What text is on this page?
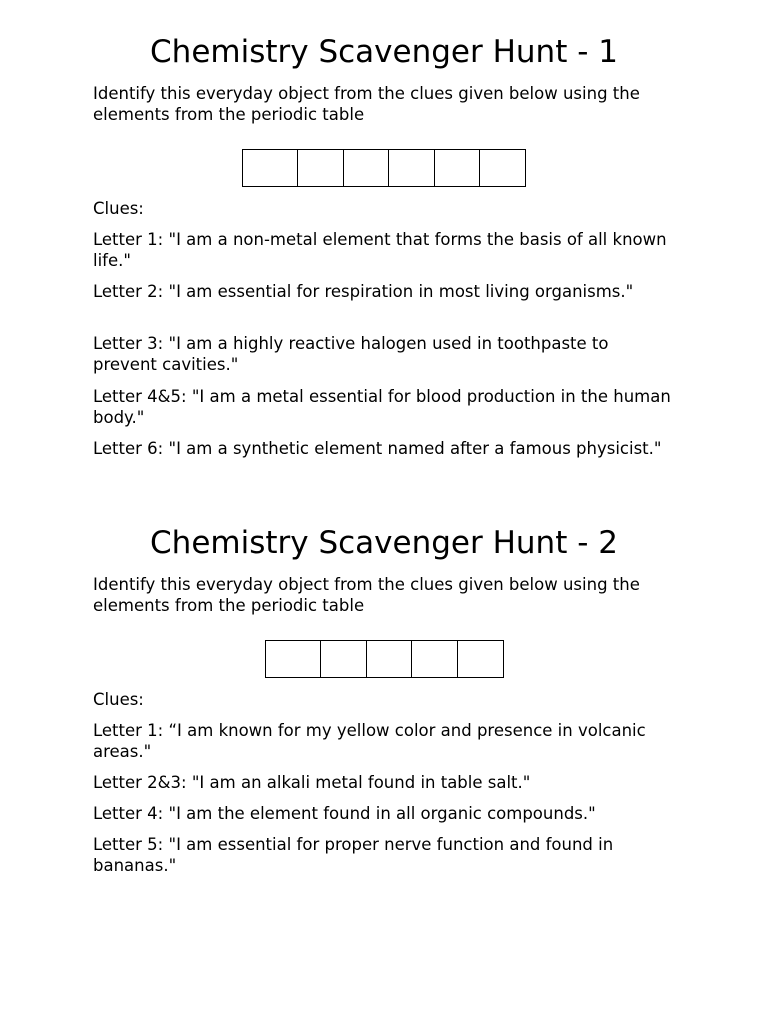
Chemistry Scavenger Hunt - 1

Identify this everyday object from the clues given below using the elements from the periodic table

Clues:

Letter 1: "I am a non-metal element that forms the basis of all known life."

Letter 2: "I am essential for respiration in most living organisms."

Letter 3: "I am a highly reactive halogen used in toothpaste to prevent cavities."

Letter 4&5: "I am a metal essential for blood production in the human body."

Letter 6: "I am a synthetic element named after a famous physicist."

Chemistry Scavenger Hunt - 2

Identify this everyday object from the clues given below using the elements from the periodic table

Clues:

Letter 1: “I am known for my yellow color and presence in volcanic areas."

Letter 2&3: "I am an alkali metal found in table salt."

Letter 4: "I am the element found in all organic compounds."

Letter 5: "I am essential for proper nerve function and found in bananas."
